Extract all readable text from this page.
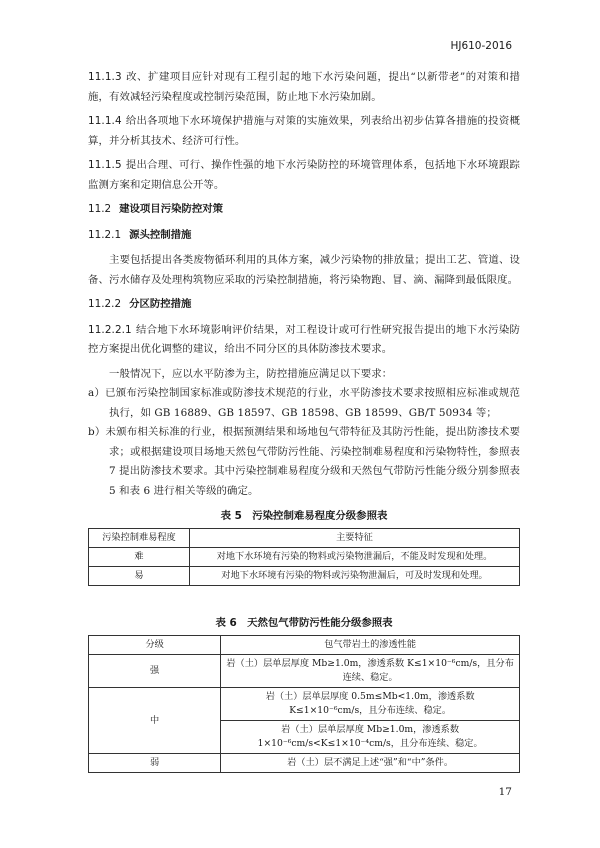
HJ610-2016

11.1.3 改、扩建项目应针对现有工程引起的地下水污染问题，提出“以新带老”的对策和措施，有效减轻污染程度或控制污染范围，防止地下水污染加剧。

11.1.4 给出各项地下水环境保护措施与对策的实施效果，列表给出初步估算各措施的投资概算，并分析其技术、经济可行性。

11.1.5 提出合理、可行、操作性强的地下水污染防控的环境管理体系，包括地下水环境跟踪监测方案和定期信息公开等。

11.2 建设项目污染防控对策
11.2.1 源头控制措施

主要包括提出各类废物循环利用的具体方案，减少污染物的排放量；提出工艺、管道、设备、污水储存及处理构筑物应采取的污染控制措施，将污染物跑、冒、滴、漏降到最低限度。

11.2.2 分区防控措施

11.2.2.1 结合地下水环境影响评价结果，对工程设计或可行性研究报告提出的地下水污染防控方案提出优化调整的建议，给出不同分区的具体防渗技术要求。

一般情况下，应以水平防渗为主，防控措施应满足以下要求：

a）已颁布污染控制国家标准或防渗技术规范的行业，水平防渗技术要求按照相应标准或规范执行，如 GB 16889、GB 18597、GB 18598、GB 18599、GB/T 50934 等；

b）未颁布相关标准的行业，根据预测结果和场地包气带特征及其防污性能，提出防渗技术要求；或根据建设项目场地天然包气带防污性能、污染控制难易程度和污染物特性，参照表 7 提出防渗技术要求。其中污染控制难易程度分级和天然包气带防污性能分级分别参照表 5 和表 6 进行相关等级的确定。

表 5　污染控制难易程度分级参照表
污染控制难易程度	主要特征
难	对地下水环境有污染的物料或污染物泄漏后，不能及时发现和处理。
易	对地下水环境有污染的物料或污染物泄漏后，可及时发现和处理。
表 6　天然包气带防污性能分级参照表
分级	包气带岩土的渗透性能
强	岩（土）层单层厚度 Mb≥1.0m，渗透系数 K≤1×10⁻⁶cm/s，且分布连续、稳定。
中	岩（土）层单层厚度 0.5m≤Mb<1.0m，渗透系数 K≤1×10⁻⁶cm/s，且分布连续、稳定。
	岩（土）层单层厚度 Mb≥1.0m，渗透系数 1×10⁻⁶cm/s<K≤1×10⁻⁴cm/s，且分布连续、稳定。
弱	岩（土）层不满足上述“强”和“中”条件。
17
